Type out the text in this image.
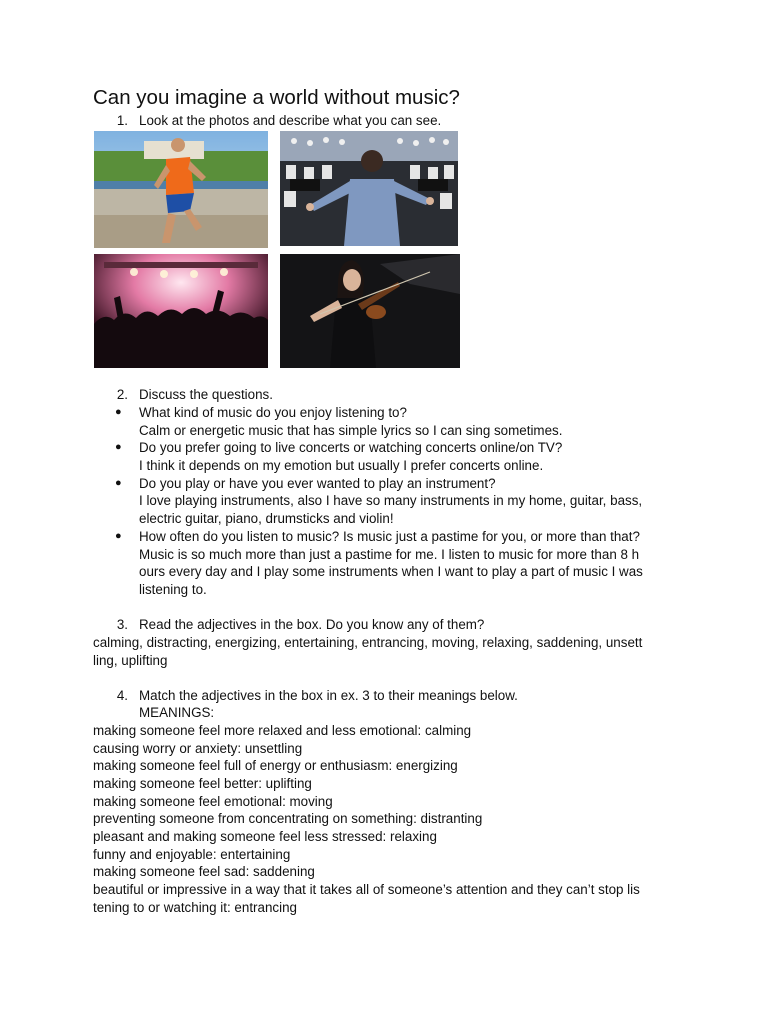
Can you imagine a world without music?
1. Look at the photos and describe what you can see.
2. Discuss the questions.
● What kind of music do you enjoy listening to?
Calm or energetic music that has simple lyrics so I can sing sometimes.
● Do you prefer going to live concerts or watching concerts online/on TV?
I think it depends on my emotion but usually I prefer concerts online.
● Do you play or have you ever wanted to play an instrument?
I love playing instruments, also I have so many instruments in my home, guitar, bass,
electric guitar, piano, drumsticks and violin!
● How often do you listen to music? Is music just a pastime for you, or more than that?
Music is so much more than just a pastime for me. I listen to music for more than 8 h
ours every day and I play some instruments when I want to play a part of music I was
listening to.
3. Read the adjectives in the box. Do you know any of them?
calming, distracting, energizing, entertaining, entrancing, moving, relaxing, saddening, unsett
ling, uplifting
4. Match the adjectives in the box in ex. 3 to their meanings below.
MEANINGS:
making someone feel more relaxed and less emotional: calming
causing worry or anxiety: unsettling
making someone feel full of energy or enthusiasm: energizing
making someone feel better: uplifting
making someone feel emotional: moving
preventing someone from concentrating on something: distranting
pleasant and making someone feel less stressed: relaxing
funny and enjoyable: entertaining
making someone feel sad: saddening
beautiful or impressive in a way that it takes all of someone’s attention and they can’t stop lis
tening to or watching it: entrancing
